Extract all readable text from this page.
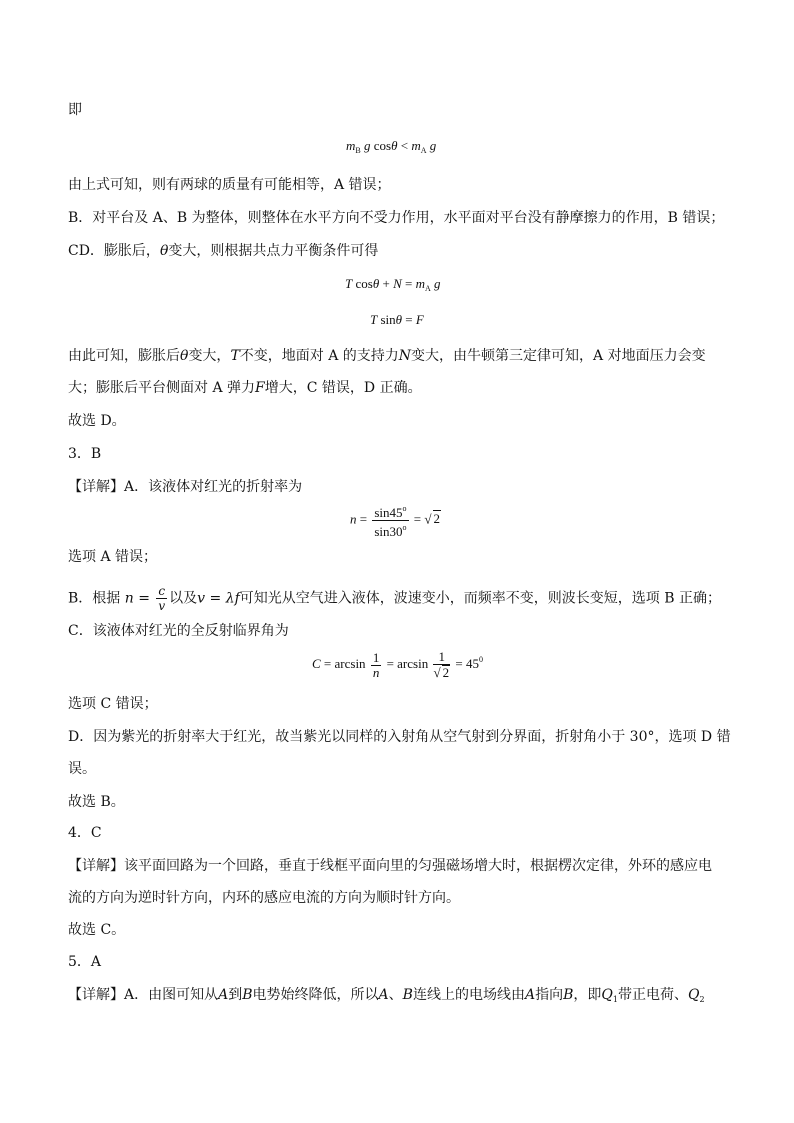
即
$m_B$ g $\cos\theta < m_A$ g
由上式可知，则有两球的质量有可能相等，A 错误；
B．对平台及 A、B 为整体，则整体在水平方向不受力作用，水平面对平台没有静摩擦力的作用，B 错误；
CD．膨胀后，θ变大，则根据共点力平衡条件可得
T $\cos\theta + N = m_A$ g
T sinθ = F
由此可知，膨胀后θ变大，T不变，地面对 A 的支持力N变大，由牛顿第三定律可知，A 对地面压力会变
大；膨胀后平台侧面对 A 弹力F增大，C 错误，D 正确。
故选 D。
3．B
【详解】A．该液体对红光的折射率为
$n = \frac{\sin 45^o}{\sin 30^o}$ = √ 2
选项 A 错误；
B．根据 $n = \frac{c}{v}$ 以及v = λf可知光从空气进入液体，波速变小，而频率不变，则波长变短，选项 B 正确；
C．该液体对红光的全反射临界角为
$C = \arcsin \frac{1}{n} = \arcsin \frac{1}{√ 2} = 45^0$
选项 C 错误；
D．因为紫光的折射率大于红光，故当紫光以同样的入射角从空气射到分界面，折射角小于 30°，选项 D 错
误。
故选 B。
4．C
【详解】该平面回路为一个回路，垂直于线框平面向里的匀强磁场增大时，根据楞次定律，外环的感应电
流的方向为逆时针方向，内环的感应电流的方向为顺时针方向。
故选 C。
5．A
【详解】A．由图可知从A到B电势始终降低，所以A、B连线上的电场线由A指向B，即$Q_1$带正电荷、$Q_2$
